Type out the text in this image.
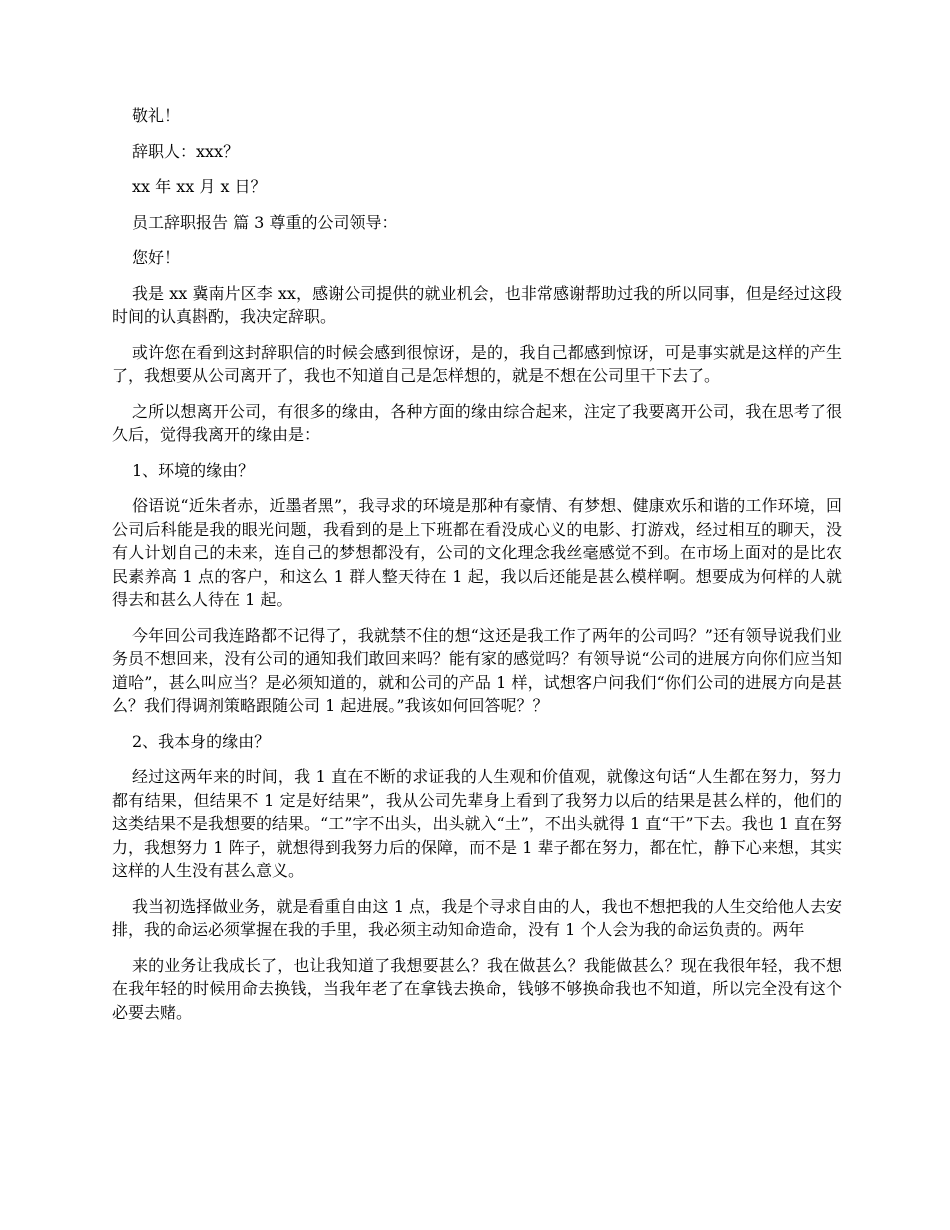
敬礼！

辞职人：xxx？

xx 年 xx 月 x 日？

员工辞职报告 篇 3 尊重的公司领导：

您好！

我是 xx 冀南片区李 xx，感谢公司提供的就业机会，也非常感谢帮助过我的所以同事，但是经过这段时间的认真斟酌，我决定辞职。

或许您在看到这封辞职信的时候会感到很惊讶，是的，我自己都感到惊讶，可是事实就是这样的产生了，我想要从公司离开了，我也不知道自己是怎样想的，就是不想在公司里干下去了。

之所以想离开公司，有很多的缘由，各种方面的缘由综合起来，注定了我要离开公司，我在思考了很久后，觉得我离开的缘由是：

1、环境的缘由？

俗语说“近朱者赤，近墨者黑”，我寻求的环境是那种有豪情、有梦想、健康欢乐和谐的工作环境，回公司后科能是我的眼光问题，我看到的是上下班都在看没成心义的电影、打游戏，经过相互的聊天，没有人计划自己的未来，连自己的梦想都没有，公司的文化理念我丝毫感觉不到。在市场上面对的是比农民素养高 1 点的客户，和这么 1 群人整天待在 1 起，我以后还能是甚么模样啊。想要成为何样的人就得去和甚么人待在 1 起。

今年回公司我连路都不记得了，我就禁不住的想“这还是我工作了两年的公司吗？”还有领导说我们业务员不想回来，没有公司的通知我们敢回来吗？能有家的感觉吗？有领导说“公司的进展方向你们应当知道哈”，甚么叫应当？是必须知道的，就和公司的产品 1 样，试想客户问我们“你们公司的进展方向是甚么？我们得调剂策略跟随公司 1 起进展。”我该如何回答呢？？

2、我本身的缘由？

经过这两年来的时间，我 1 直在不断的求证我的人生观和价值观，就像这句话“人生都在努力，努力都有结果，但结果不 1 定是好结果”，我从公司先辈身上看到了我努力以后的结果是甚么样的，他们的这类结果不是我想要的结果。“工”字不出头，出头就入“土”，不出头就得 1 直“干”下去。我也 1 直在努力，我想努力 1 阵子，就想得到我努力后的保障，而不是 1 辈子都在努力，都在忙，静下心来想，其实这样的人生没有甚么意义。

我当初选择做业务，就是看重自由这 1 点，我是个寻求自由的人，我也不想把我的人生交给他人去安排，我的命运必须掌握在我的手里，我必须主动知命造命，没有 1 个人会为我的命运负责的。两年

来的业务让我成长了，也让我知道了我想要甚么？我在做甚么？我能做甚么？现在我很年轻，我不想在我年轻的时候用命去换钱，当我年老了在拿钱去换命，钱够不够换命我也不知道，所以完全没有这个必要去赌。
